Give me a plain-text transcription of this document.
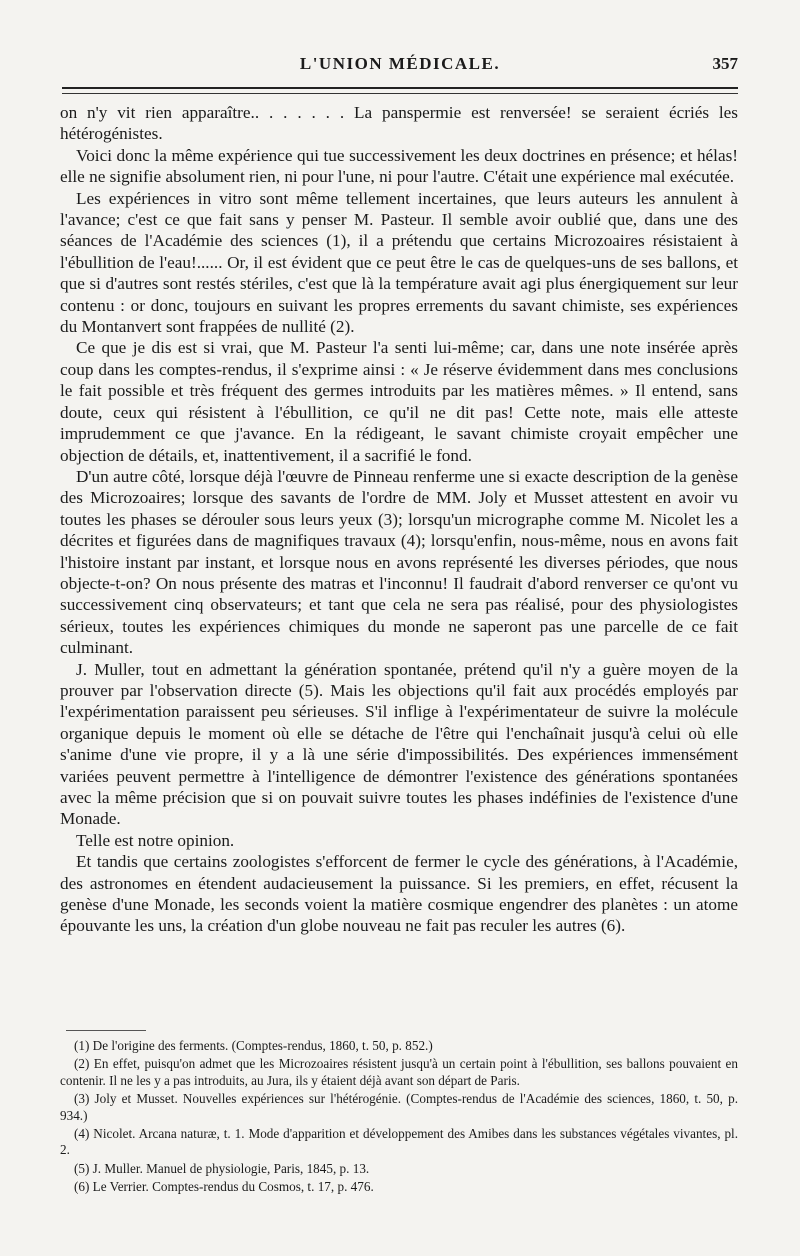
L'UNION MÉDICALE.	357

on n'y vit rien apparaître.. . . . . . . La panspermie est renversée! se seraient écriés les hétérogénistes.

Voici donc la même expérience qui tue successivement les deux doctrines en présence; et hélas! elle ne signifie absolument rien, ni pour l'une, ni pour l'autre. C'était une expérience mal exécutée.

Les expériences in vitro sont même tellement incertaines, que leurs auteurs les annulent à l'avance; c'est ce que fait sans y penser M. Pasteur. Il semble avoir oublié que, dans une des séances de l'Académie des sciences (1), il a prétendu que certains Microzoaires résistaient à l'ébullition de l'eau!...... Or, il est évident que ce peut être le cas de quelques-uns de ses ballons, et que si d'autres sont restés stériles, c'est que là la température avait agi plus énergiquement sur leur contenu : or donc, toujours en suivant les propres errements du savant chimiste, ses expériences du Montanvert sont frappées de nullité (2).

Ce que je dis est si vrai, que M. Pasteur l'a senti lui-même; car, dans une note insérée après coup dans les comptes-rendus, il s'exprime ainsi : « Je réserve évidemment dans mes conclusions le fait possible et très fréquent des germes introduits par les matières mêmes. » Il entend, sans doute, ceux qui résistent à l'ébullition, ce qu'il ne dit pas! Cette note, mais elle atteste imprudemment ce que j'avance. En la rédigeant, le savant chimiste croyait empêcher une objection de détails, et, inattentivement, il a sacrifié le fond.

D'un autre côté, lorsque déjà l'œuvre de Pinneau renferme une si exacte description de la genèse des Microzoaires; lorsque des savants de l'ordre de MM. Joly et Musset attestent en avoir vu toutes les phases se dérouler sous leurs yeux (3); lorsqu'un micrographe comme M. Nicolet les a décrites et figurées dans de magnifiques travaux (4); lorsqu'enfin, nous-même, nous en avons fait l'histoire instant par instant, et lorsque nous en avons représenté les diverses périodes, que nous objecte-t-on? On nous présente des matras et l'inconnu! Il faudrait d'abord renverser ce qu'ont vu successivement cinq observateurs; et tant que cela ne sera pas réalisé, pour des physiologistes sérieux, toutes les expériences chimiques du monde ne saperont pas une parcelle de ce fait culminant.

J. Muller, tout en admettant la génération spontanée, prétend qu'il n'y a guère moyen de la prouver par l'observation directe (5). Mais les objections qu'il fait aux procédés employés par l'expérimentation paraissent peu sérieuses. S'il inflige à l'expérimentateur de suivre la molécule organique depuis le moment où elle se détache de l'être qui l'enchaînait jusqu'à celui où elle s'anime d'une vie propre, il y a là une série d'impossibilités. Des expériences immensément variées peuvent permettre à l'intelligence de démontrer l'existence des générations spontanées avec la même précision que si on pouvait suivre toutes les phases indéfinies de l'existence d'une Monade.

Telle est notre opinion.

Et tandis que certains zoologistes s'efforcent de fermer le cycle des générations, à l'Académie, des astronomes en étendent audacieusement la puissance. Si les premiers, en effet, récusent la genèse d'une Monade, les seconds voient la matière cosmique engendrer des planètes : un atome épouvante les uns, la création d'un globe nouveau ne fait pas reculer les autres (6).

(1) De l'origine des ferments. (Comptes-rendus, 1860, t. 50, p. 852.)

(2) En effet, puisqu'on admet que les Microzoaires résistent jusqu'à un certain point à l'ébullition, ses ballons pouvaient en contenir. Il ne les y a pas introduits, au Jura, ils y étaient déjà avant son départ de Paris.

(3) Joly et Musset. Nouvelles expériences sur l'hétérogénie. (Comptes-rendus de l'Académie des sciences, 1860, t. 50, p. 934.)

(4) Nicolet. Arcana naturæ, t. 1. Mode d'apparition et développement des Amibes dans les substances végétales vivantes, pl. 2.

(5) J. Muller. Manuel de physiologie, Paris, 1845, p. 13.

(6) Le Verrier. Comptes-rendus du Cosmos, t. 17, p. 476.
